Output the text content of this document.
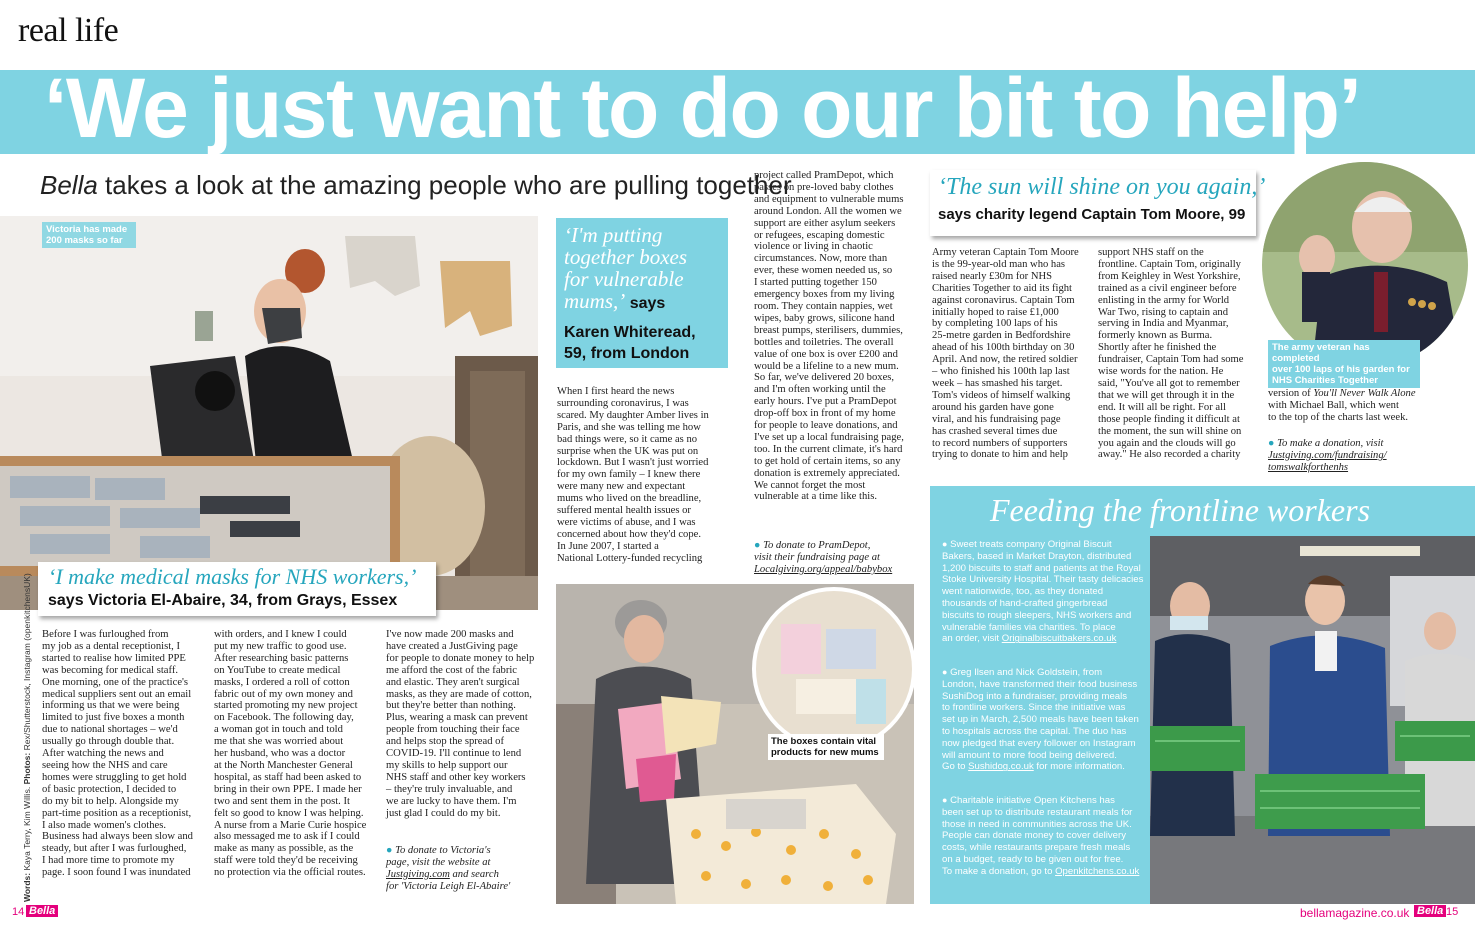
real life
‘We just want to do our bit to help’
Bella takes a look at the amazing people who are pulling together
Victoria has made
200 masks so far
‘I make medical masks for NHS workers,’
says Victoria El-Abaire, 34, from Grays, Essex
Words: Kaya Terry, Kim Willis. Photos: Rex/Shutterstock, Instagram (openkitchensUK) Before I was furloughed from
my job as a dental receptionist, I
started to realise how limited PPE
was becoming for medical staff.
One morning, one of the practice's
medical suppliers sent out an email
informing us that we were being
limited to just five boxes a month
due to national shortages – we'd
usually go through double that.
After watching the news and
seeing how the NHS and care
homes were struggling to get hold
of basic protection, I decided to
do my bit to help. Alongside my
part-time position as a receptionist,
I also made women's clothes.
Business had always been slow and
steady, but after I was furloughed,
I had more time to promote my
page. I soon found I was inundated

with orders, and I knew I could
put my new traffic to good use.
After researching basic patterns
on YouTube to create medical
masks, I ordered a roll of cotton
fabric out of my own money and
started promoting my new project
on Facebook. The following day,
a woman got in touch and told
me that she was worried about
her husband, who was a doctor
at the North Manchester General
hospital, as staff had been asked to
bring in their own PPE. I made her
two and sent them in the post. It
felt so good to know I was helping.
A nurse from a Marie Curie hospice
also messaged me to ask if I could
make as many as possible, as the
staff were told they'd be receiving
no protection via the official routes.

I've now made 200 masks and
have created a JustGiving page
for people to donate money to help
me afford the cost of the fabric
and elastic. They aren't surgical
masks, as they are made of cotton,
but they're better than nothing.
Plus, wearing a mask can prevent
people from touching their face
and helps stop the spread of
COVID-19. I'll continue to lend
my skills to help support our
NHS staff and other key workers
– they're truly invaluable, and
we are lucky to have them. I'm
just glad I could do my bit.

● To donate to Victoria's
page, visit the website at
Justgiving.com and search
for 'Victoria Leigh El-Abaire'
‘I'm putting together boxes for vulnerable mums,’ says
Karen Whiteread, 59, from London

When I first heard the news
surrounding coronavirus, I was
scared. My daughter Amber lives in
Paris, and she was telling me how
bad things were, so it came as no
surprise when the UK was put on
lockdown. But I wasn't just worried
for my own family – I knew there
were many new and expectant
mums who lived on the breadline,
suffered mental health issues or
were victims of abuse, and I was
concerned about how they'd cope.
In June 2007, I started a
National Lottery-funded recycling

project called PramDepot, which
passes on pre-loved baby clothes
and equipment to vulnerable mums
around London. All the women we
support are either asylum seekers
or refugees, escaping domestic
violence or living in chaotic
circumstances. Now, more than
ever, these women needed us, so
I started putting together 150
emergency boxes from my living
room. They contain nappies, wet
wipes, baby grows, silicone hand
breast pumps, sterilisers, dummies,
bottles and toiletries. The overall
value of one box is over £200 and
would be a lifeline to a new mum.
So far, we've delivered 20 boxes,
and I'm often working until the
early hours. I've put a PramDepot
drop-off box in front of my home
for people to leave donations, and
I've set up a local fundraising page,
too. In the current climate, it's hard
to get hold of certain items, so any
donation is extremely appreciated.
We cannot forget the most
vulnerable at a time like this.

● To donate to PramDepot,
visit their fundraising page at
Localgiving.org/appeal/babybox
The boxes contain vital
products for new mums
‘The sun will shine on you again,’
says charity legend Captain Tom Moore, 99
The army veteran has completed
over 100 laps of his garden for
NHS Charities Together

Army veteran Captain Tom Moore
is the 99-year-old man who has
raised nearly £30m for NHS
Charities Together to aid its fight
against coronavirus. Captain Tom
initially hoped to raise £1,000
by completing 100 laps of his
25-metre garden in Bedfordshire
ahead of his 100th birthday on 30
April. And now, the retired soldier
– who finished his 100th lap last
week – has smashed his target.
Tom's videos of himself walking
around his garden have gone
viral, and his fundraising page
has crashed several times due
to record numbers of supporters
trying to donate to him and help

support NHS staff on the
frontline. Captain Tom, originally
from Keighley in West Yorkshire,
trained as a civil engineer before
enlisting in the army for World
War Two, rising to captain and
serving in India and Myanmar,
formerly known as Burma.
Shortly after he finished the
fundraiser, Captain Tom had some
wise words for the nation. He
said, "You've all got to remember
that we will get through it in the
end. It will all be right. For all
those people finding it difficult at
the moment, the sun will shine on
you again and the clouds will go
away." He also recorded a charity

version of You'll Never Walk Alone
with Michael Ball, which went
to the top of the charts last week.
● To make a donation, visit
Justgiving.com/fundraising/
tomswalkforthenhs
Feeding the frontline workers
● Sweet treats company Original Biscuit
Bakers, based in Market Drayton, distributed
1,200 biscuits to staff and patients at the Royal
Stoke University Hospital. Their tasty delicacies
went nationwide, too, as they donated
thousands of hand-crafted gingerbread
biscuits to rough sleepers, NHS workers and
vulnerable families via charities. To place
an order, visit Originalbiscuitbakers.co.uk
● Greg Ilsen and Nick Goldstein, from
London, have transformed their food business
SushiDog into a fundraiser, providing meals
to frontline workers. Since the initiative was
set up in March, 2,500 meals have been taken
to hospitals across the capital. The duo has
now pledged that every follower on Instagram
will amount to more food being delivered.
Go to Sushidog.co.uk for more information.
● Charitable initiative Open Kitchens has
been set up to distribute restaurant meals for
those in need in communities across the UK.
People can donate money to cover delivery
costs, while restaurants prepare fresh meals
on a budget, ready to be given out for free.
To make a donation, go to Openkitchens.co.uk
14 Bella	bellamagazine.co.uk Bella 15
